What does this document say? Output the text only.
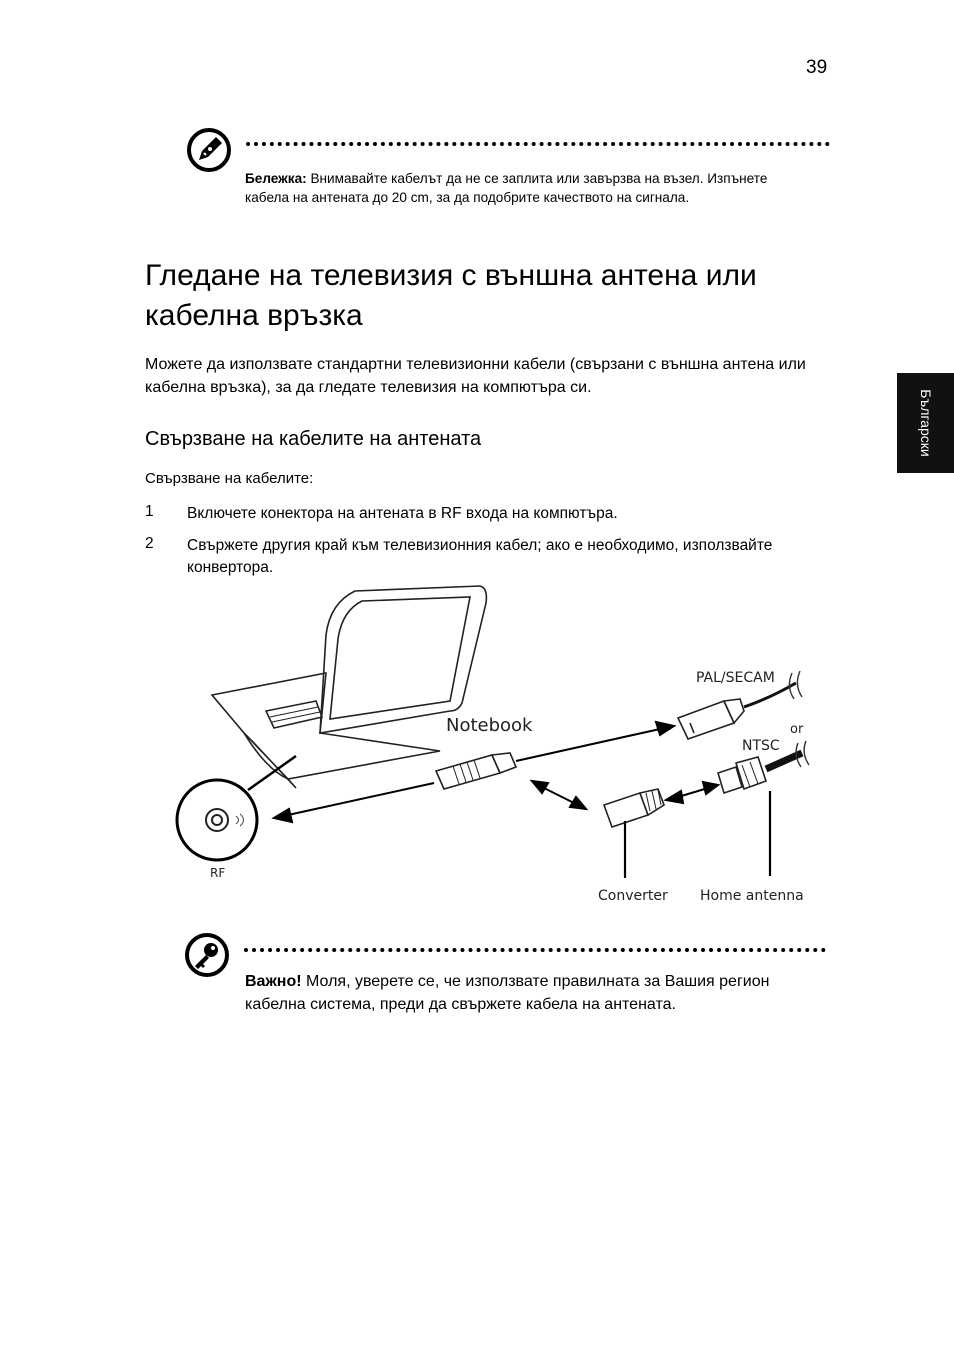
39
Бележка: Внимавайте кабелът да не се заплита или завързва на възел. Изпънете кабела на антената до 20 cm, за да подобрите качеството на сигнала.
Гледане на телевизия с външна антена или кабелна връзка
Можете да използвате стандартни телевизионни кабели (свързани с външна антена или кабелна връзка), за да гледате телевизия на компютъра си.
Свързване на кабелите на антената
Свързване на кабелите:
1 Включете конектора на антената в RF входа на компютъра.
2 Свържете другия край към телевизионния кабел; ако е необходимо, използвайте конвертора.
Български
Notebook
PAL/SECAM
or
NTSC
RF
Converter Home antenna
Важно! Моля, уверете се, че използвате правилната за Вашия регион кабелна система, преди да свържете кабела на антената.
